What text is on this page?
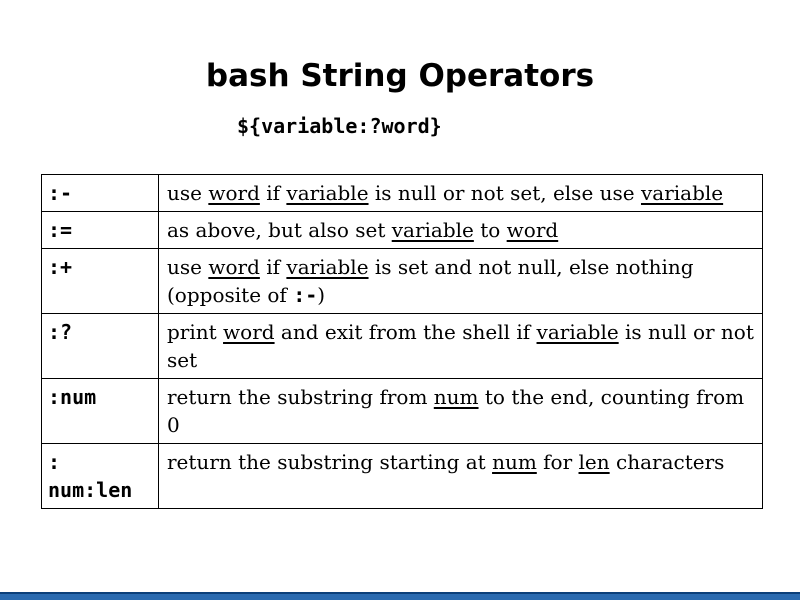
bash String Operators
${variable:?word}
:-	use word if variable is null or not set, else use variable
:=	as above, but also set variable to word
:+	use word if variable is set and not null, else nothing (opposite of :-)
:?	print word and exit from the shell if variable is null or not set
:num	return the substring from num to the end, counting from 0
: num:len	return the substring starting at num for len characters
